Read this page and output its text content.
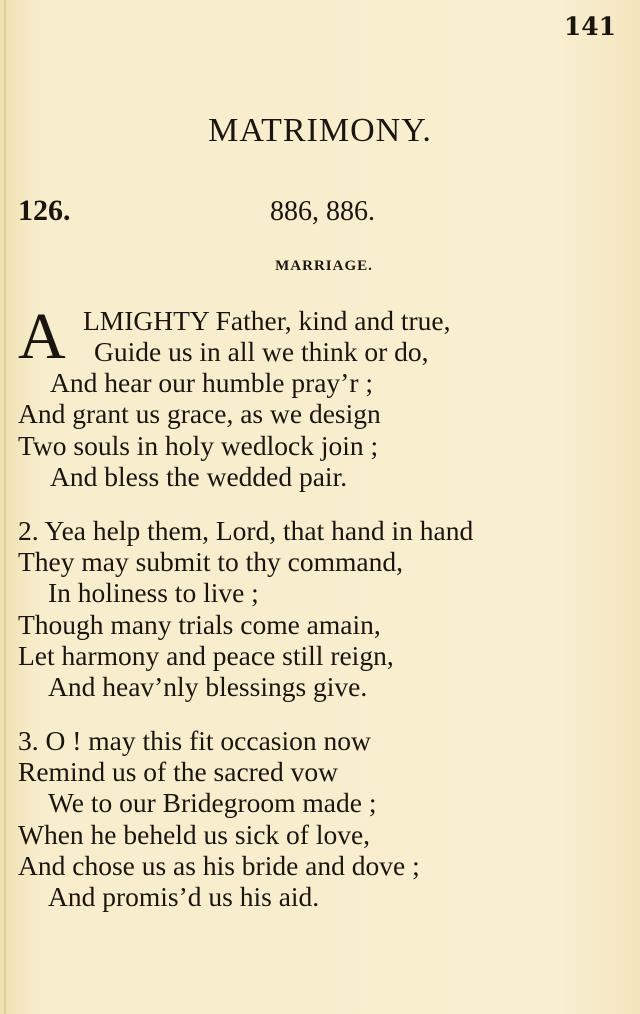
141
MATRIMONY.
126.	886, 886.
MARRIAGE.
A LMIGHTY Father, kind and true,
Guide us in all we think or do,
And hear our humble pray’r ;
And grant us grace, as we design
Two souls in holy wedlock join ;
And bless the wedded pair.
2. Yea help them, Lord, that hand in hand
They may submit to thy command,
In holiness to live ;
Though many trials come amain,
Let harmony and peace still reign,
And heav’nly blessings give.
3. O ! may this fit occasion now
Remind us of the sacred vow
We to our Bridegroom made ;
When he beheld us sick of love,
And chose us as his bride and dove ;
And promis’d us his aid.
